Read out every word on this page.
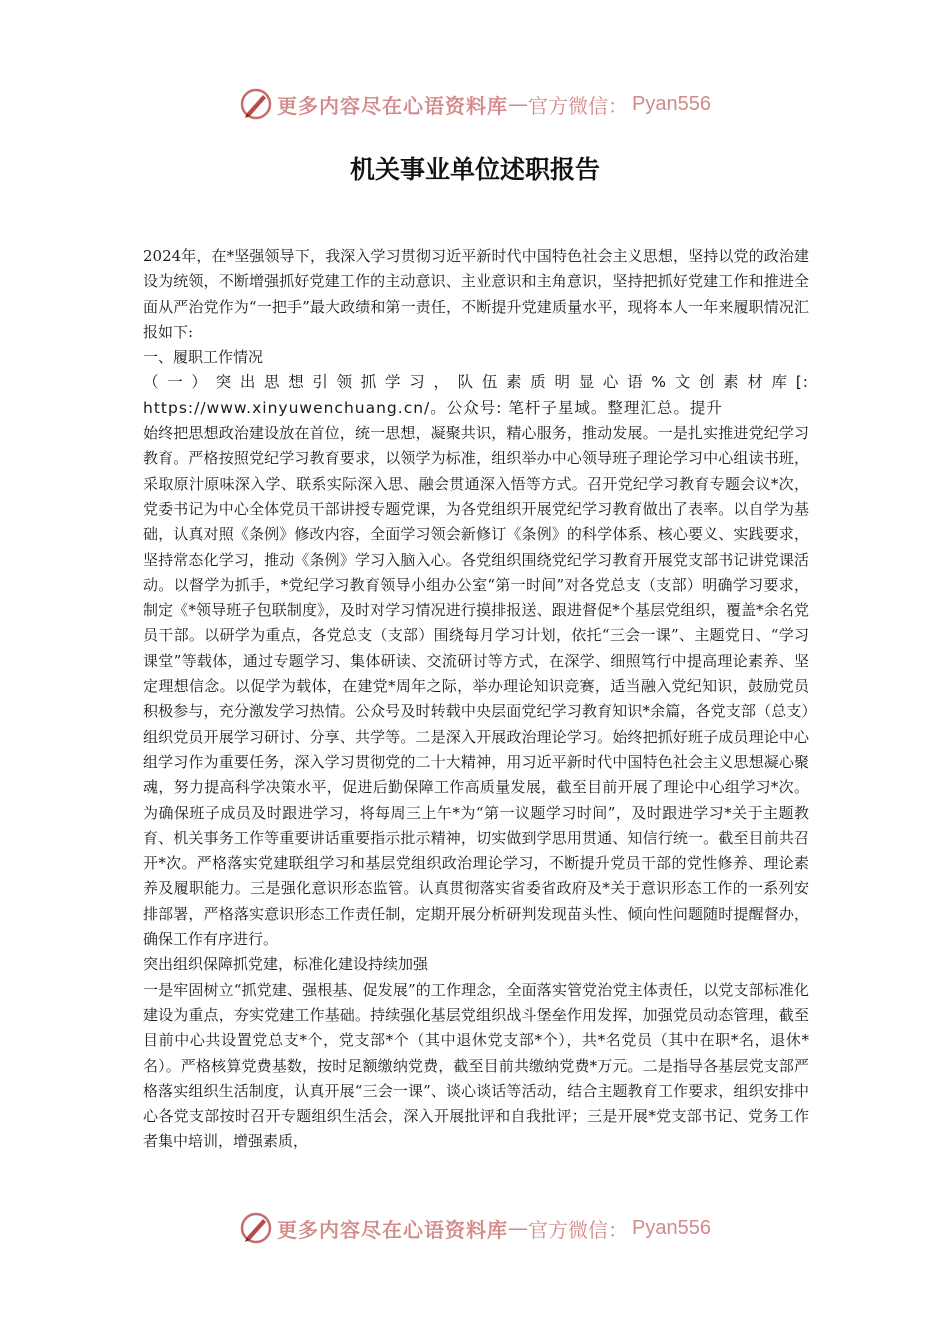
更多内容尽在心语资料库 — 官方微信： Pyan556
机关事业单位述职报告

2024年，在*坚强领导下，我深入学习贯彻习近平新时代中国特色社会主义思想，坚持以党的政治建设为统领，不断增强抓好党建工作的主动意识、主业意识和主角意识，坚持把抓好党建工作和推进全面从严治党作为“一把手”最大政绩和第一责任，不断提升党建质量水平，现将本人一年来履职情况汇报如下:

一、履职工作情况

（一）突出思想引领抓学习，队伍素质明显心语%文创素材库[: https://www.xinyuwenchuang.cn/。公众号: 笔杆子星域。整理汇总。提升

始终把思想政治建设放在首位，统一思想，凝聚共识，精心服务，推动发展。一是扎实推进党纪学习教育。严格按照党纪学习教育要求，以领学为标准，组织举办中心领导班子理论学习中心组读书班，采取原汁原味深入学、联系实际深入思、融会贯通深入悟等方式。召开党纪学习教育专题会议*次，党委书记为中心全体党员干部讲授专题党课，为各党组织开展党纪学习教育做出了表率。以自学为基础，认真对照《条例》修改内容，全面学习领会新修订《条例》的科学体系、核心要义、实践要求，坚持常态化学习，推动《条例》学习入脑入心。各党组织围绕党纪学习教育开展党支部书记讲党课活动。以督学为抓手，*党纪学习教育领导小组办公室“第一时间”对各党总支（支部）明确学习要求，制定《*领导班子包联制度》，及时对学习情况进行摸排报送、跟进督促*个基层党组织，覆盖*余名党员干部。以研学为重点，各党总支（支部）围绕每月学习计划，依托“三会一课”、主题党日、“学习课堂”等载体，通过专题学习、集体研读、交流研讨等方式，在深学、细照笃行中提高理论素养、坚定理想信念。以促学为载体，在建党*周年之际，举办理论知识竞赛，适当融入党纪知识，鼓励党员积极参与，充分激发学习热情。公众号及时转载中央层面党纪学习教育知识*余篇，各党支部（总支）组织党员开展学习研讨、分享、共学等。二是深入开展政治理论学习。始终把抓好班子成员理论中心组学习作为重要任务，深入学习贯彻党的二十大精神，用习近平新时代中国特色社会主义思想凝心聚魂，努力提高科学决策水平，促进后勤保障工作高质量发展，截至目前开展了理论中心组学习*次。为确保班子成员及时跟进学习，将每周三上午*为“第一议题学习时间”，及时跟进学习*关于主题教育、机关事务工作等重要讲话重要指示批示精神，切实做到学思用贯通、知信行统一。截至目前共召开*次。严格落实党建联组学习和基层党组织政治理论学习，不断提升党员干部的党性修养、理论素养及履职能力。三是强化意识形态监管。认真贯彻落实省委省政府及*关于意识形态工作的一系列安排部署，严格落实意识形态工作责任制，定期开展分析研判发现苗头性、倾向性问题随时提醒督办，确保工作有序进行。

突出组织保障抓党建，标准化建设持续加强

一是牢固树立“抓党建、强根基、促发展”的工作理念，全面落实管党治党主体责任，以党支部标准化建设为重点，夯实党建工作基础。持续强化基层党组织战斗堡垒作用发挥，加强党员动态管理，截至目前中心共设置党总支*个，党支部*个（其中退休党支部*个），共*名党员（其中在职*名，退休*名）。严格核算党费基数，按时足额缴纳党费，截至目前共缴纳党费*万元。二是指导各基层党支部严格落实组织生活制度，认真开展“三会一课”、谈心谈话等活动，结合主题教育工作要求，组织安排中心各党支部按时召开专题组织生活会，深入开展批评和自我批评；三是开展*党支部书记、党务工作者集中培训，增强素质，

更多内容尽在心语资料库 — 官方微信： Pyan556
